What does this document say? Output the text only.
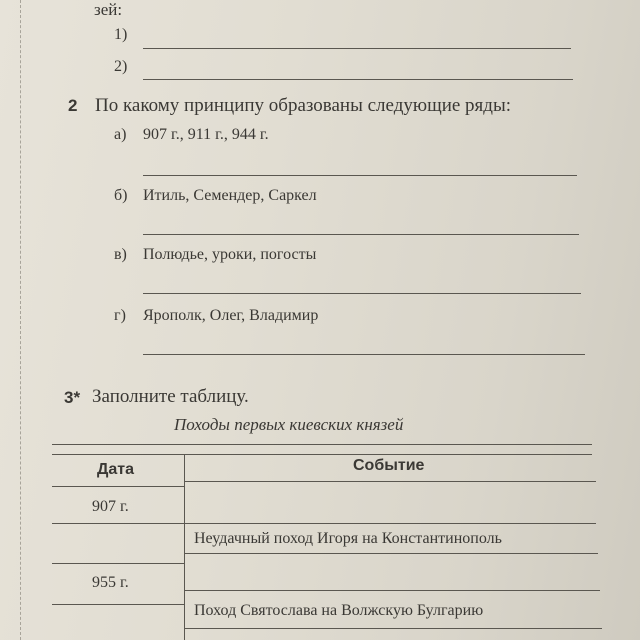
зей:
1)
2)
2 По какому принципу образованы следующие ряды:
а) 907 г., 911 г., 944 г.
б) Итиль, Семендер, Саркел
в) Полюдье, уроки, погосты
г) Ярополк, Олег, Владимир
3* Заполните таблицу.
Походы первых киевских князей
Дата	Событие
907 г.
Неудачный поход Игоря на Константинополь
955 г.
Поход Святослава на Волжскую Булгарию
